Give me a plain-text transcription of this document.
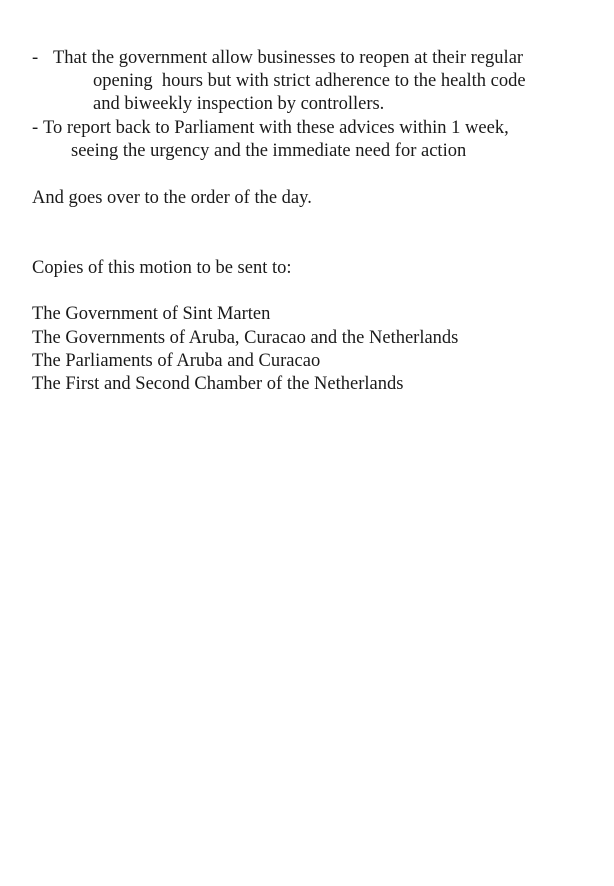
- That the government allow businesses to reopen at their regular
opening  hours but with strict adherence to the health code
and biweekly inspection by controllers.
- To report back to Parliament with these advices within 1 week,
seeing the urgency and the immediate need for action

And goes over to the order of the day.

Copies of this motion to be sent to:

The Government of Sint Marten

The Governments of Aruba, Curacao and the Netherlands

The Parliaments of Aruba and Curacao

The First and Second Chamber of the Netherlands
